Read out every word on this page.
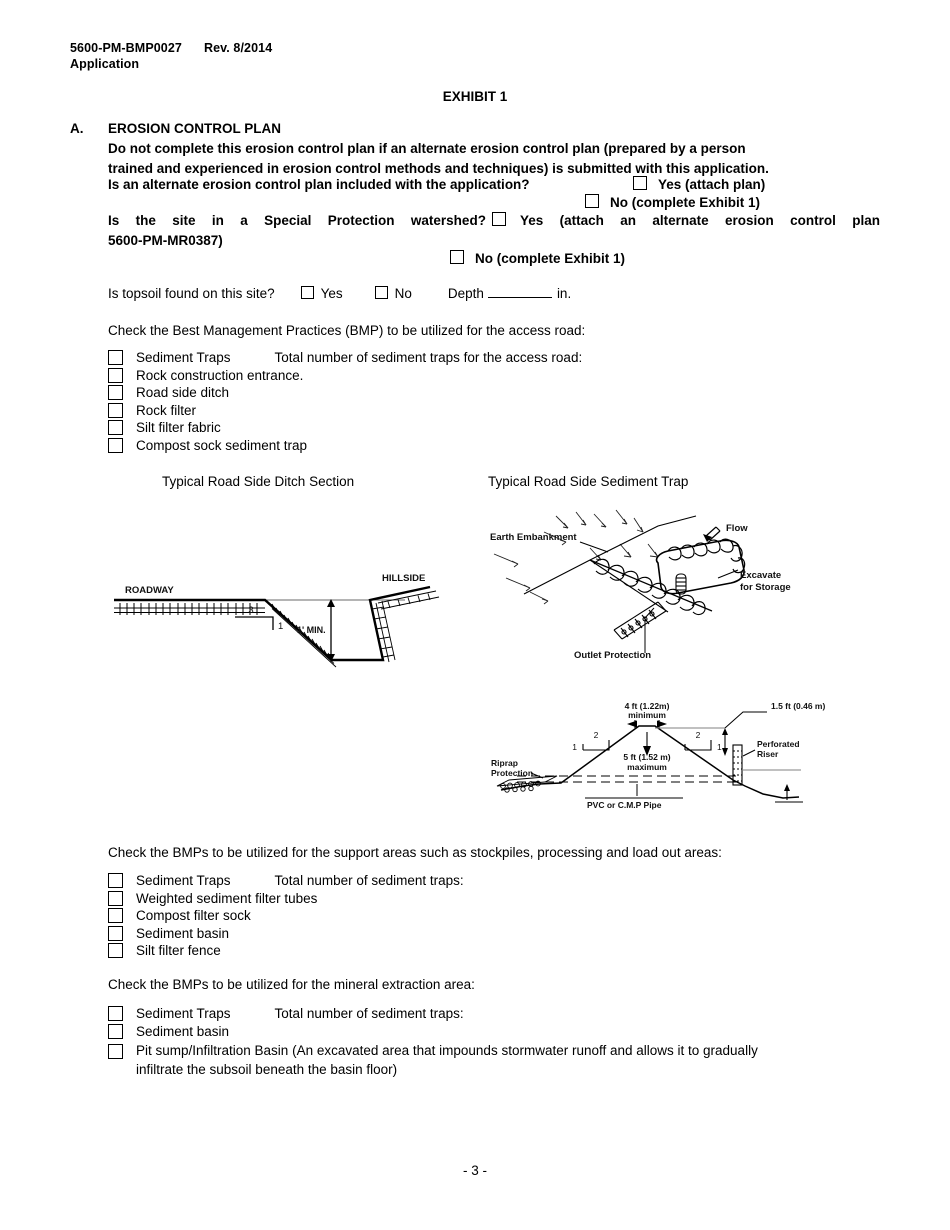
5600-PM-BMP0027 Rev. 8/2014
Application
EXHIBIT 1
A. EROSION CONTROL PLAN
Do not complete this erosion control plan if an alternate erosion control plan (prepared by a person
trained and experienced in erosion control methods and techniques) is submitted with this application.
Is an alternate erosion control plan included with the application?	Yes (attach plan)
No (complete Exhibit 1)
Is the site in a Special Protection watershed?	Yes (attach an alternate erosion control plan
5600-PM-MR0387)
No (complete Exhibit 1)
Is topsoil found on this site?	Yes	No	Depth	in.
Check the Best Management Practices (BMP) to be utilized for the access road:
Sediment Traps	Total number of sediment traps for the access road:
Rock construction entrance.
Road side ditch
Rock filter
Silt filter fabric
Compost sock sediment trap
Typical Road Side Ditch Section	Typical Road Side Sediment Trap
3
1 1' MIN.
ROADWAY
HILLSIDE
Flow
Earth Embankment
Excavate
for Storage
Outlet Protection
4 ft (1.22m)
minimum
5 ft (1.52 m)
maximum
2
1
2
1
1.5 ft (0.46 m)
Perforated
Riser
Riprap
Protection
PVC or C.M.P Pipe
Check the BMPs to be utilized for the support areas such as stockpiles, processing and load out areas:
Sediment Traps	Total number of sediment traps:
Weighted sediment filter tubes
Compost filter sock
Sediment basin
Silt filter fence
Check the BMPs to be utilized for the mineral extraction area:
Sediment Traps	Total number of sediment traps:
Sediment basin
Pit sump/Infiltration Basin (An excavated area that impounds stormwater runoff and allows it to gradually
infiltrate the subsoil beneath the basin floor)
- 3 -
